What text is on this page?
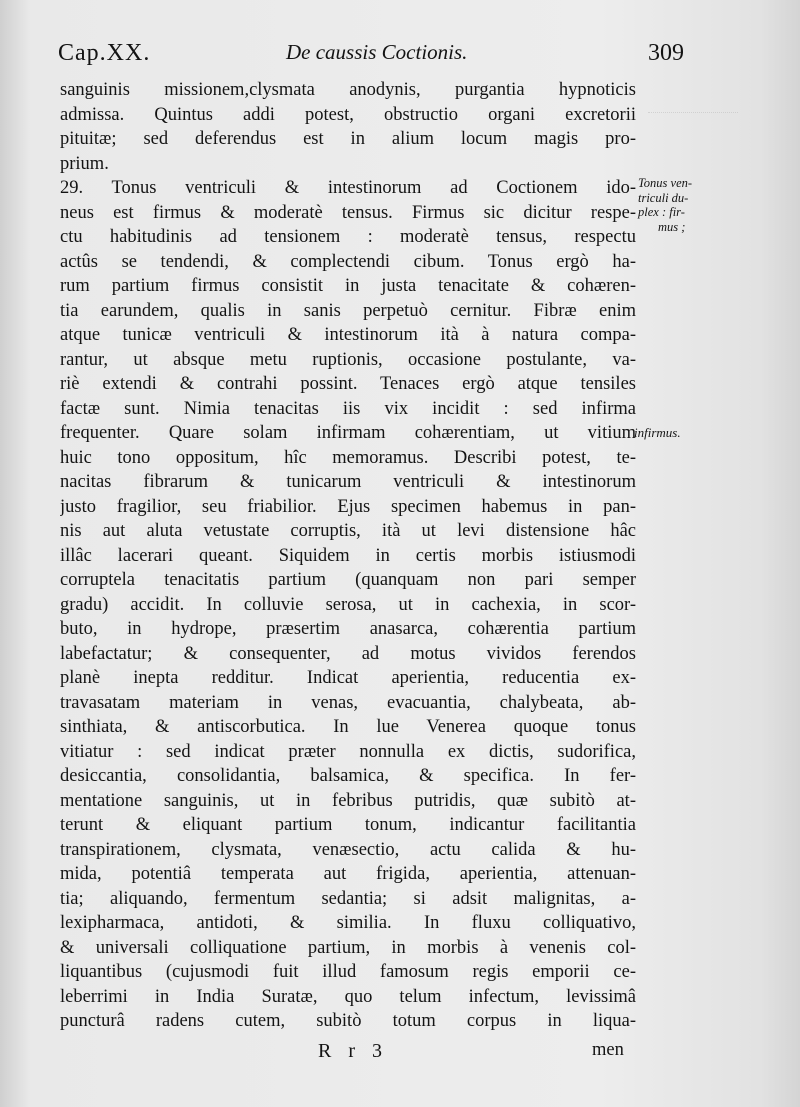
Cap.XX.	De caussis Coctionis.	309
sanguinis missionem,clysmata anodynis, purgantia hypnoticis
admissa. Quintus addi potest, obstructio organi excretorii
pituitæ; sed deferendus est in alium locum magis pro-
prium.
29. Tonus ventriculi & intestinorum ad Coctionem ido-
neus est firmus & moderatè tensus. Firmus sic dicitur respe-
ctu habitudinis ad tensionem : moderatè tensus, respectu
actûs se tendendi, & complectendi cibum. Tonus ergò ha-
rum partium firmus consistit in justa tenacitate & cohæren-
tia earundem, qualis in sanis perpetuò cernitur. Fibræ enim
atque tunicæ ventriculi & intestinorum ità à natura compa-
rantur, ut absque metu ruptionis, occasione postulante, va-
riè extendi & contrahi possint. Tenaces ergò atque tensiles
factæ sunt. Nimia tenacitas iis vix incidit : sed infirma
frequenter. Quare solam infirmam cohærentiam, ut vitium
huic tono oppositum, hîc memoramus. Describi potest, te-
nacitas fibrarum & tunicarum ventriculi & intestinorum
justo fragilior, seu friabilior. Ejus specimen habemus in pan-
nis aut aluta vetustate corruptis, ità ut levi distensione hâc
illâc lacerari queant. Siquidem in certis morbis istiusmodi
corruptela tenacitatis partium (quanquam non pari semper
gradu) accidit. In colluvie serosa, ut in cachexia, in scor-
buto, in hydrope, præsertim anasarca, cohærentia partium
labefactatur; & consequenter, ad motus vividos ferendos
planè inepta redditur. Indicat aperientia, reducentia ex-
travasatam materiam in venas, evacuantia, chalybeata, ab-
sinthiata, & antiscorbutica. In lue Venerea quoque tonus
vitiatur : sed indicat præter nonnulla ex dictis, sudorifica,
desiccantia, consolidantia, balsamica, & specifica. In fer-
mentatione sanguinis, ut in febribus putridis, quæ subitò at-
terunt & eliquant partium tonum, indicantur facilitantia
transpirationem, clysmata, venæsectio, actu calida & hu-
mida, potentiâ temperata aut frigida, aperientia, attenuan-
tia; aliquando, fermentum sedantia; si adsit malignitas, a-
lexipharmaca, antidoti, & similia. In fluxu colliquativo,
& universali colliquatione partium, in morbis à venenis col-
liquantibus (cujusmodi fuit illud famosum regis emporii ce-
leberrimi in India Suratæ, quo telum infectum, levissimâ
puncturâ radens cutem, subitò totum corpus in liqua-
Tonus ven-
triculi du-
plex : fir-
mus ;
infirmus.
R r 3	men
